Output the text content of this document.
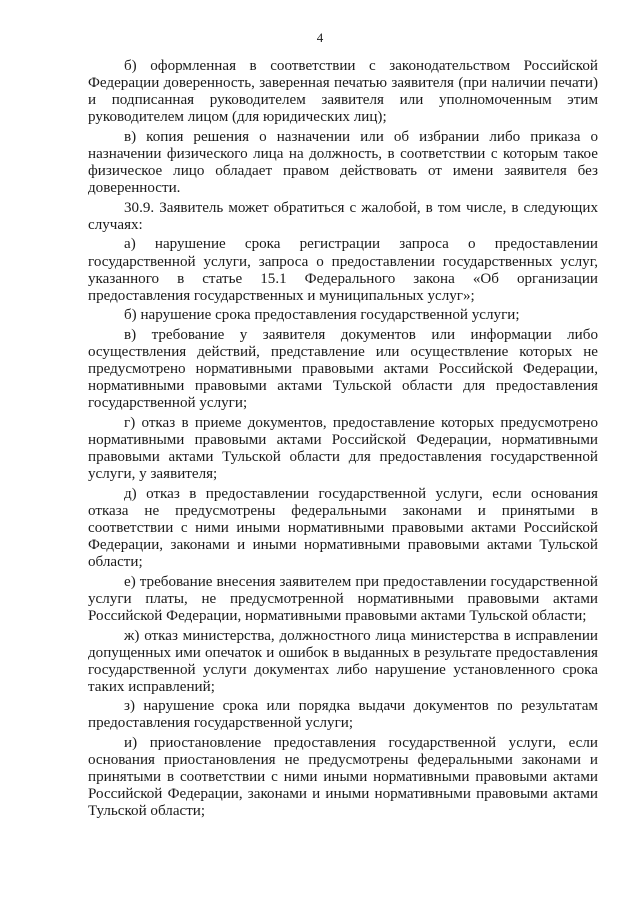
4

б) оформленная в соответствии с законодательством Российской Федерации доверенность, заверенная печатью заявителя (при наличии печати) и подписанная руководителем заявителя или уполномоченным этим руководителем лицом (для юридических лиц);

в) копия решения о назначении или об избрании либо приказа о назначении физического лица на должность, в соответствии с которым такое физическое лицо обладает правом действовать от имени заявителя без доверенности.

30.9. Заявитель может обратиться с жалобой, в том числе, в следующих случаях:

а) нарушение срока регистрации запроса о предоставлении государственной услуги, запроса о предоставлении государственных услуг, указанного в статье 15.1 Федерального закона «Об организации предоставления государственных и муниципальных услуг»;

б) нарушение срока предоставления государственной услуги;

в) требование у заявителя документов или информации либо осуществления действий, представление или осуществление которых не предусмотрено нормативными правовыми актами Российской Федерации, нормативными правовыми актами Тульской области для предоставления государственной услуги;

г) отказ в приеме документов, предоставление которых предусмотрено нормативными правовыми актами Российской Федерации, нормативными правовыми актами Тульской области для предоставления государственной услуги, у заявителя;

д) отказ в предоставлении государственной услуги, если основания отказа не предусмотрены федеральными законами и принятыми в соответствии с ними иными нормативными правовыми актами Российской Федерации, законами и иными нормативными правовыми актами Тульской области;

е) требование внесения заявителем при предоставлении государственной услуги платы, не предусмотренной нормативными правовыми актами Российской Федерации, нормативными правовыми актами Тульской области;

ж) отказ министерства, должностного лица министерства в исправлении допущенных ими опечаток и ошибок в выданных в результате предоставления государственной услуги документах либо нарушение установленного срока таких исправлений;

з) нарушение срока или порядка выдачи документов по результатам предоставления государственной услуги;

и) приостановление предоставления государственной услуги, если основания приостановления не предусмотрены федеральными законами и принятыми в соответствии с ними иными нормативными правовыми актами Российской Федерации, законами и иными нормативными правовыми актами Тульской области;
